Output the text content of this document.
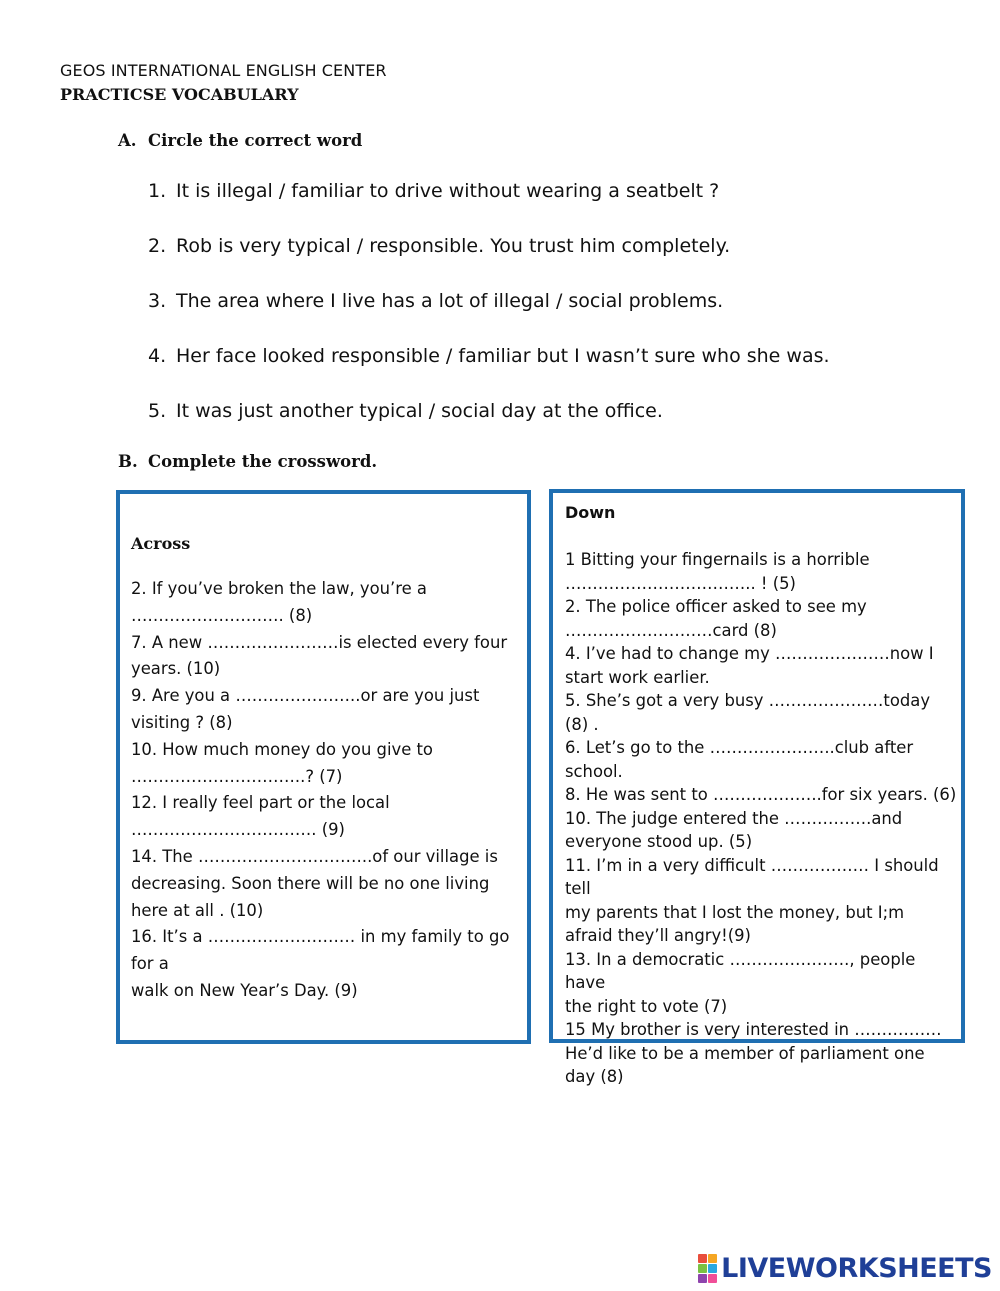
GEOS INTERNATIONAL ENGLISH CENTER
PRACTICSE VOCABULARY
A. Circle the correct word
1. It is illegal / familiar to drive without wearing a seatbelt ?
2. Rob is very typical / responsible. You trust him completely.
3. The area where I live has a lot of illegal / social problems.
4. Her face looked responsible / familiar but I wasn’t sure who she was.
5. It was just another typical / social day at the office.
B. Complete the crossword.
Across
2. If you’ve broken the law, you’re a
………………………. (8)
7. A new ……………………is elected every four
years. (10)
9. Are you a …………………..or are you just
visiting ? (8)
10. How much money do you give to
…………………………..? (7)
12. I really feel part or the local
……………………………. (9)
14. The …………………………..of our village is
decreasing. Soon there will be no one living
here at all . (10)
16. It’s a ……………………… in my family to go for a
walk on New Year’s Day. (9)
Down
1 Bitting your fingernails is a horrible
…………………………….. ! (5)
2. The police officer asked to see my
………………………card (8)
4. I’ve had to change my …………………now I
start work earlier.
5. She’s got a very busy …………………today (8) .
6. Let’s go to the …………………..club after
school.
8. He was sent to ………………..for six years. (6)
10. The judge entered the …………….and
everyone stood up. (5)
11. I’m in a very difficult ……………… I should tell
my parents that I lost the money, but I;m
afraid they’ll angry!(9)
13. In a democratic …………………., people have
the right to vote (7)
15 My brother is very interested in …………….
He’d like to be a member of parliament one
day (8)
LIVEWORKSHEETS
